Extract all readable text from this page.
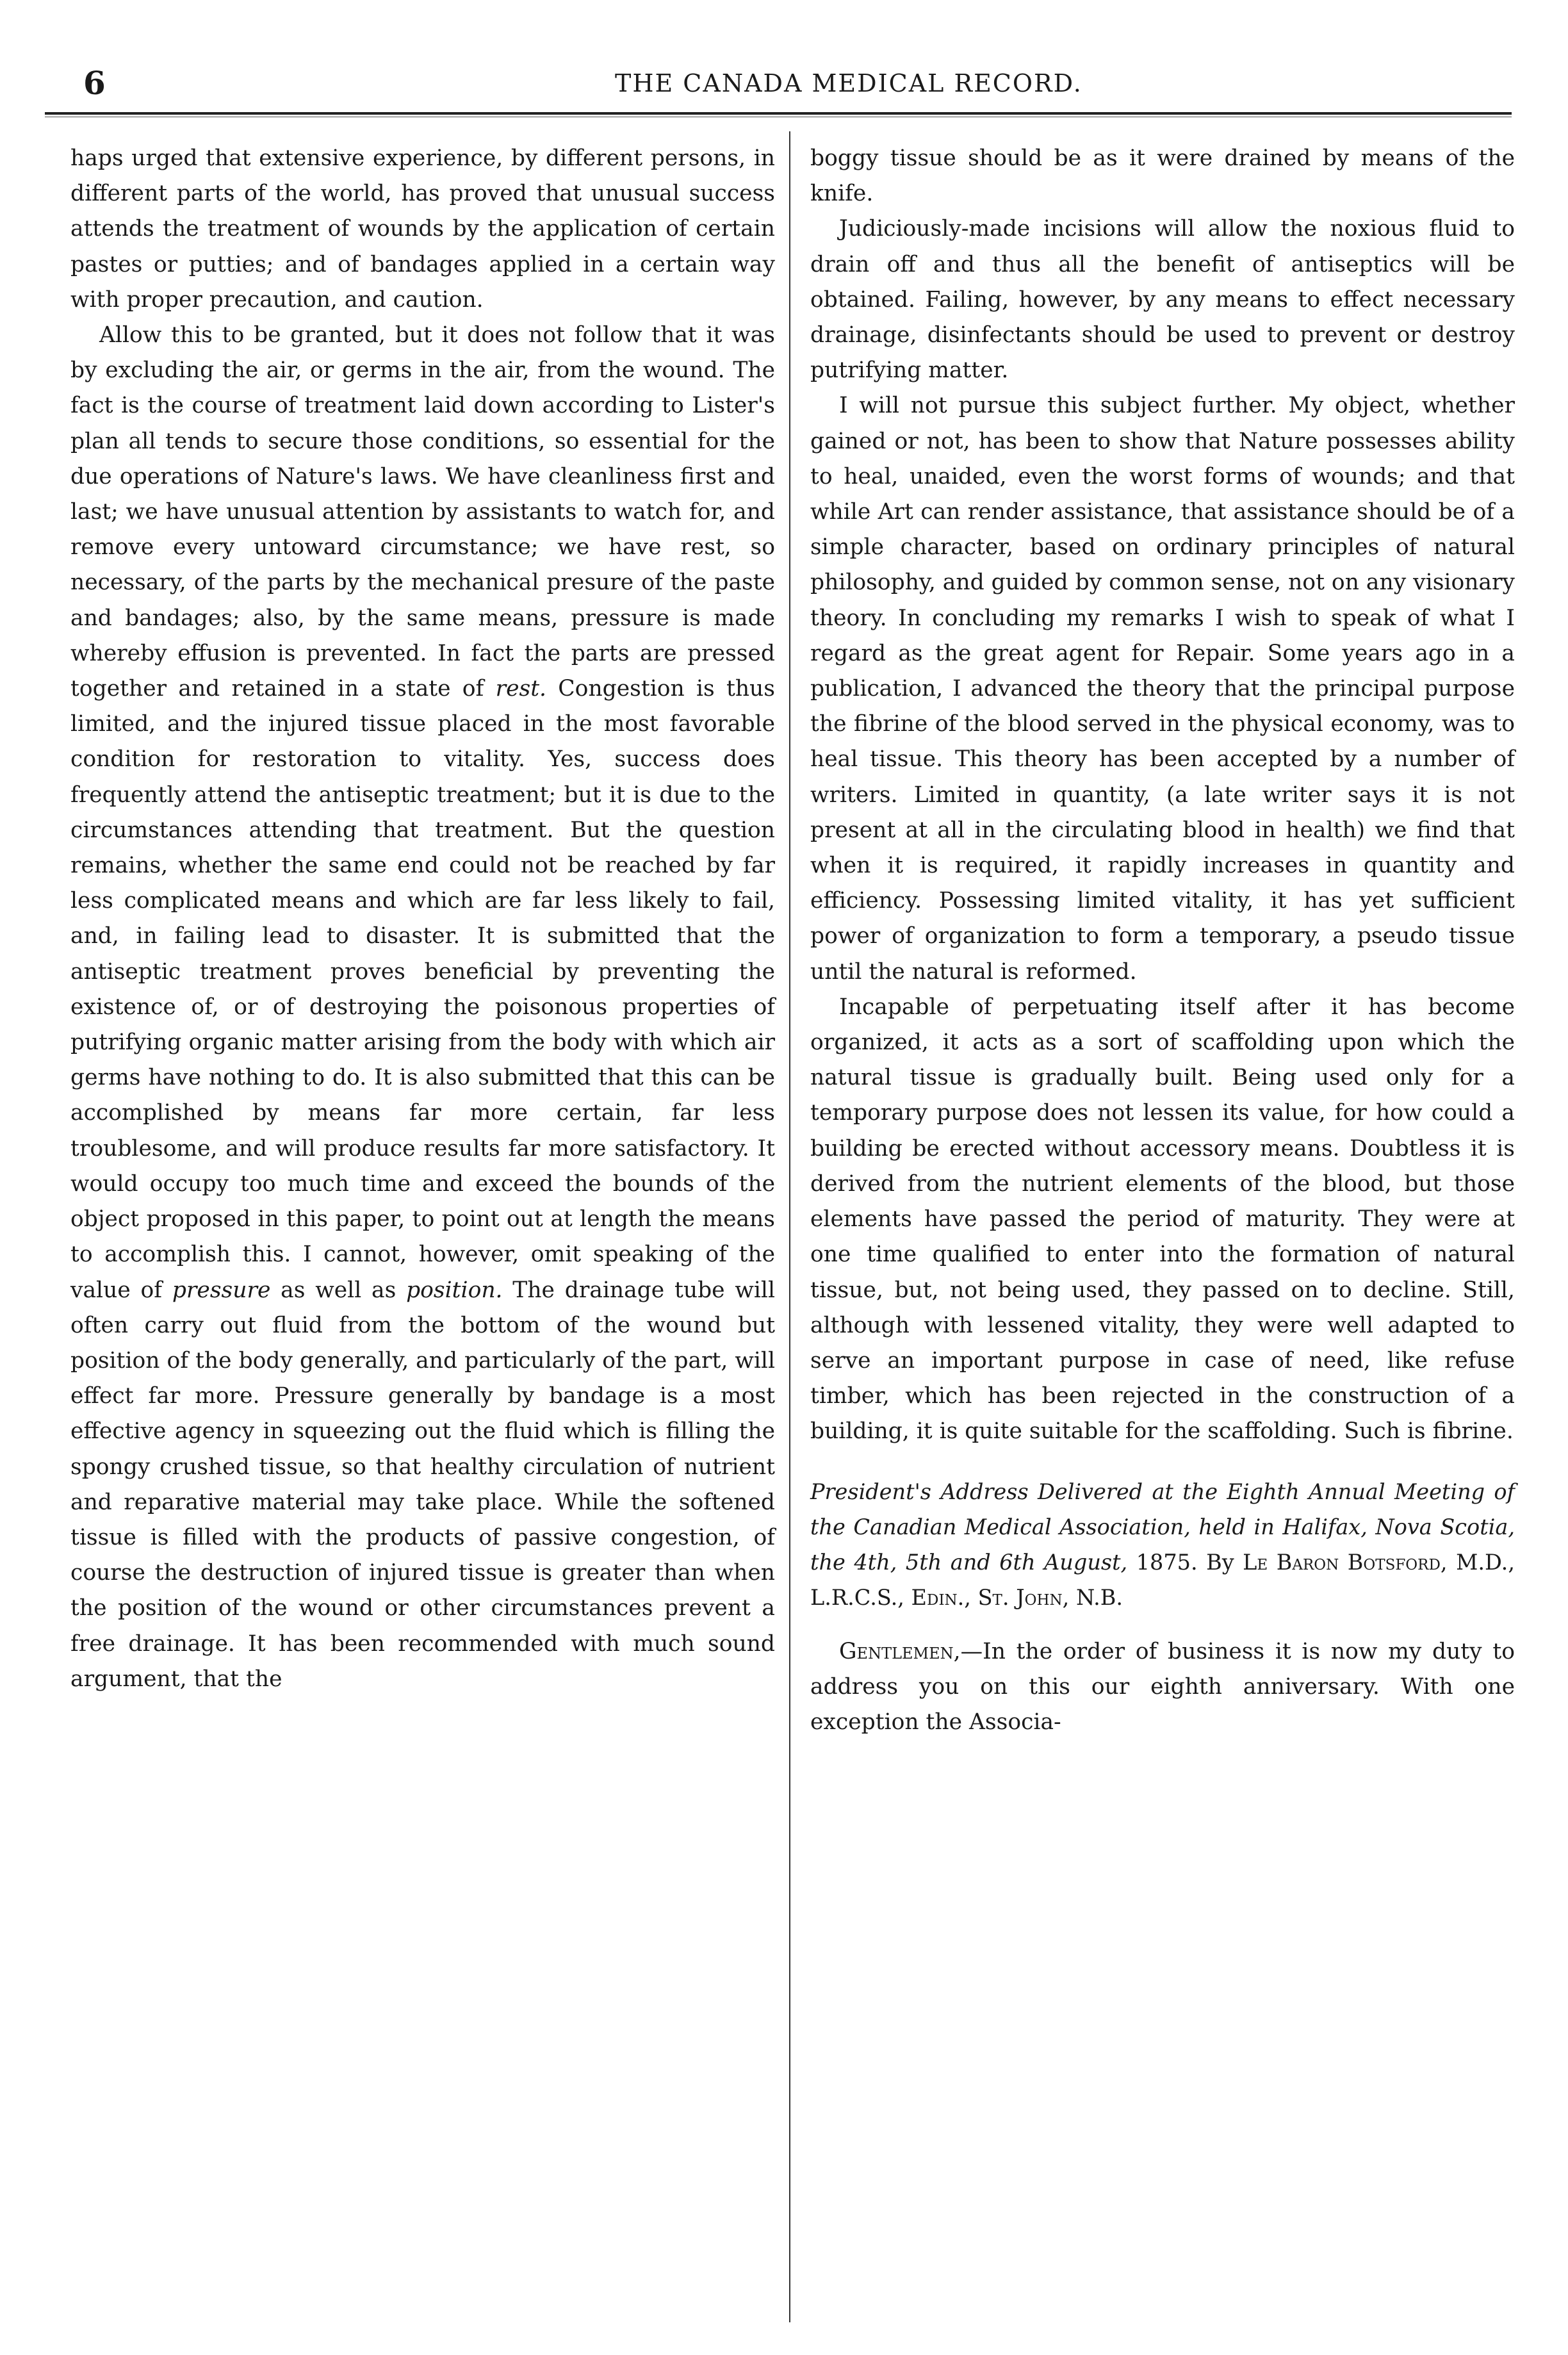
6	THE CANADA MEDICAL RECORD.

haps urged that extensive experience, by different persons, in different parts of the world, has proved that unusual success attends the treatment of wounds by the application of certain pastes or putties; and of bandages applied in a certain way with proper precaution, and caution.

Allow this to be granted, but it does not follow that it was by excluding the air, or germs in the air, from the wound. The fact is the course of treatment laid down according to Lister's plan all tends to secure those conditions, so essential for the due operations of Nature's laws. We have cleanliness first and last; we have unusual attention by assistants to watch for, and remove every untoward circumstance; we have rest, so necessary, of the parts by the mechanical presure of the paste and bandages; also, by the same means, pressure is made whereby effusion is prevented. In fact the parts are pressed together and retained in a state of rest. Congestion is thus limited, and the injured tissue placed in the most favorable condition for restoration to vitality. Yes, success does frequently attend the antiseptic treatment; but it is due to the circumstances attending that treatment. But the question remains, whether the same end could not be reached by far less complicated means and which are far less likely to fail, and, in failing lead to disaster. It is submitted that the antiseptic treatment proves beneficial by preventing the existence of, or of destroying the poisonous properties of putrifying organic matter arising from the body with which air germs have nothing to do. It is also submitted that this can be accomplished by means far more certain, far less troublesome, and will produce results far more satisfactory. It would occupy too much time and exceed the bounds of the object proposed in this paper, to point out at length the means to accomplish this. I cannot, however, omit speaking of the value of pressure as well as position. The drainage tube will often carry out fluid from the bottom of the wound but position of the body generally, and particularly of the part, will effect far more. Pressure generally by bandage is a most effective agency in squeezing out the fluid which is filling the spongy crushed tissue, so that healthy circulation of nutrient and reparative material may take place. While the softened tissue is filled with the products of passive congestion, of course the destruction of injured tissue is greater than when the position of the wound or other circumstances prevent a free drainage. It has been recommended with much sound argument, that the

boggy tissue should be as it were drained by means of the knife.

Judiciously-made incisions will allow the noxious fluid to drain off and thus all the benefit of antiseptics will be obtained. Failing, however, by any means to effect necessary drainage, disinfectants should be used to prevent or destroy putrifying matter.

I will not pursue this subject further. My object, whether gained or not, has been to show that Nature possesses ability to heal, unaided, even the worst forms of wounds; and that while Art can render assistance, that assistance should be of a simple character, based on ordinary principles of natural philosophy, and guided by common sense, not on any visionary theory. In concluding my remarks I wish to speak of what I regard as the great agent for Repair. Some years ago in a publication, I advanced the theory that the principal purpose the fibrine of the blood served in the physical economy, was to heal tissue. This theory has been accepted by a number of writers. Limited in quantity, (a late writer says it is not present at all in the circulating blood in health) we find that when it is required, it rapidly increases in quantity and efficiency. Possessing limited vitality, it has yet sufficient power of organization to form a temporary, a pseudo tissue until the natural is reformed.

Incapable of perpetuating itself after it has become organized, it acts as a sort of scaffolding upon which the natural tissue is gradually built. Being used only for a temporary purpose does not lessen its value, for how could a building be erected without accessory means. Doubtless it is derived from the nutrient elements of the blood, but those elements have passed the period of maturity. They were at one time qualified to enter into the formation of natural tissue, but, not being used, they passed on to decline. Still, although with lessened vitality, they were well adapted to serve an important purpose in case of need, like refuse timber, which has been rejected in the construction of a building, it is quite suitable for the scaffolding. Such is fibrine.

President's Address Delivered at the Eighth Annual Meeting of the Canadian Medical Association, held in Halifax, Nova Scotia, the 4th, 5th and 6th August, 1875. By Le Baron Botsford, M.D., L.R.C.S., Edin., St. John, N.B.

Gentlemen,—In the order of business it is now my duty to address you on this our eighth anniversary. With one exception the Associa-
